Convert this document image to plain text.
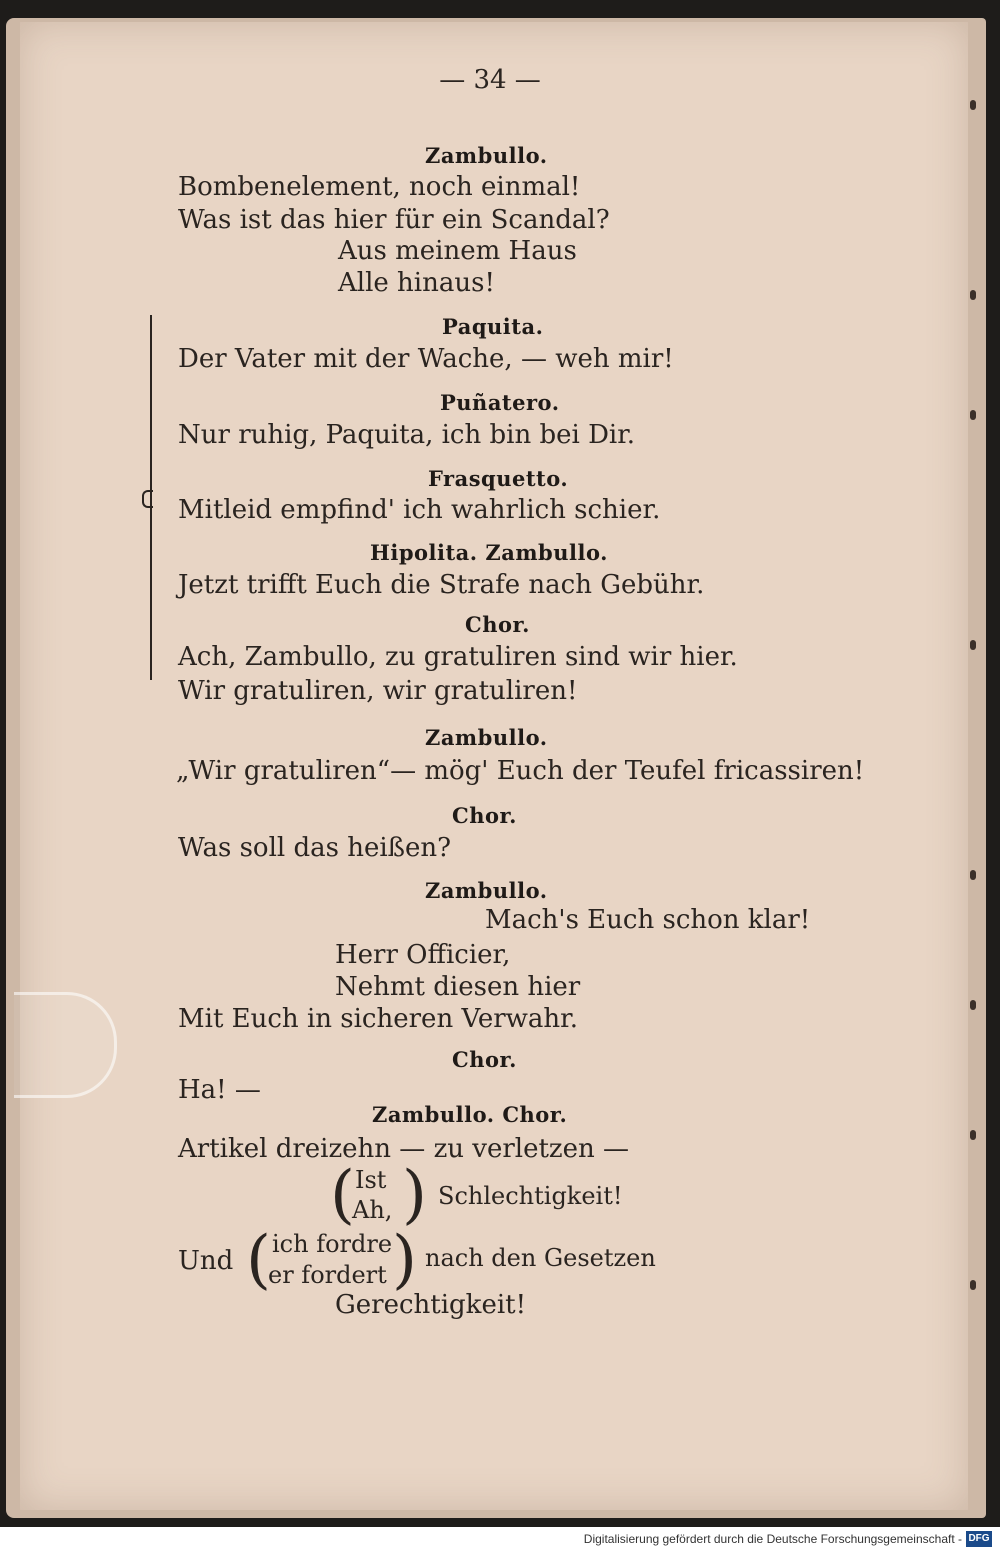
— 34 —
Zambullo.
Bombenelement, noch einmal!
Was ist das hier für ein Scandal?
Aus meinem Haus
Alle hinaus!
Paquita.
Der Vater mit der Wache, — weh mir!
Puñatero.
Nur ruhig, Paquita, ich bin bei Dir.
Frasquetto.
Mitleid empfind' ich wahrlich schier.
Hipolita. Zambullo.
Jetzt trifft Euch die Strafe nach Gebühr.
Chor.
Ach, Zambullo, zu gratuliren sind wir hier.
Wir gratuliren, wir gratuliren!
Zambullo.
„Wir gratuliren“— mög' Euch der Teufel fricassiren!
Chor.
Was soll das heißen?
Zambullo.
Mach's Euch schon klar!
Herr Officier,
Nehmt diesen hier
Mit Euch in sicheren Verwahr.
Chor.
Ha! —
Zambullo. Chor.
Artikel dreizehn — zu verletzen —
( Ist
Ah, ) Schlechtigkeit!
Und ( ich fordre
er fordert ) nach den Gesetzen
Gerechtigkeit!
Digitalisierung gefördert durch die Deutsche Forschungsgemeinschaft - DFG
